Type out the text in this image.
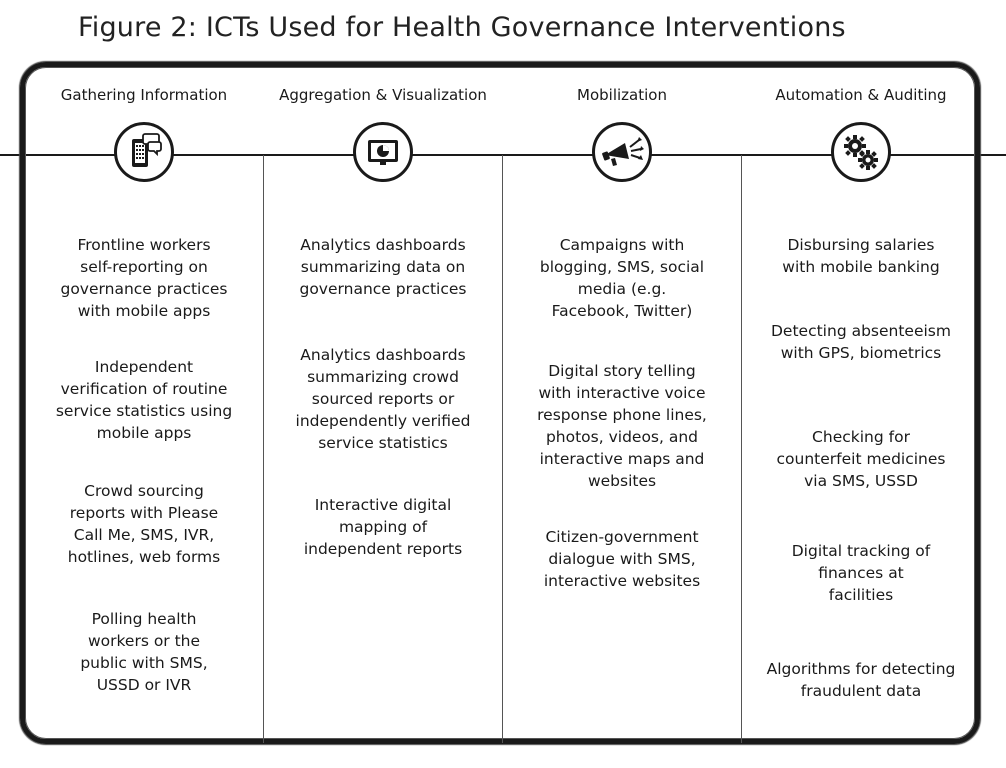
Figure 2: ICTs Used for Health Governance Interventions
Gathering Information
Frontline workers
self-reporting on
governance practices
with mobile apps
Independent
verification of routine
service statistics using
mobile apps
Crowd sourcing
reports with Please
Call Me, SMS, IVR,
hotlines, web forms
Polling health
workers or the
public with SMS,
USSD or IVR
Aggregation & Visualization
Analytics dashboards
summarizing data on
governance practices
Analytics dashboards
summarizing crowd
sourced reports or
independently verified
service statistics
Interactive digital
mapping of
independent reports
Mobilization
Campaigns with
blogging, SMS, social
media (e.g.
Facebook, Twitter)
Digital story telling
with interactive voice
response phone lines,
photos, videos, and
interactive maps and
websites
Citizen-government
dialogue with SMS,
interactive websites
Automation & Auditing
Disbursing salaries
with mobile banking
Detecting absenteeism
with GPS, biometrics
Checking for
counterfeit medicines
via SMS, USSD
Digital tracking of
finances at
facilities
Algorithms for detecting
fraudulent data
